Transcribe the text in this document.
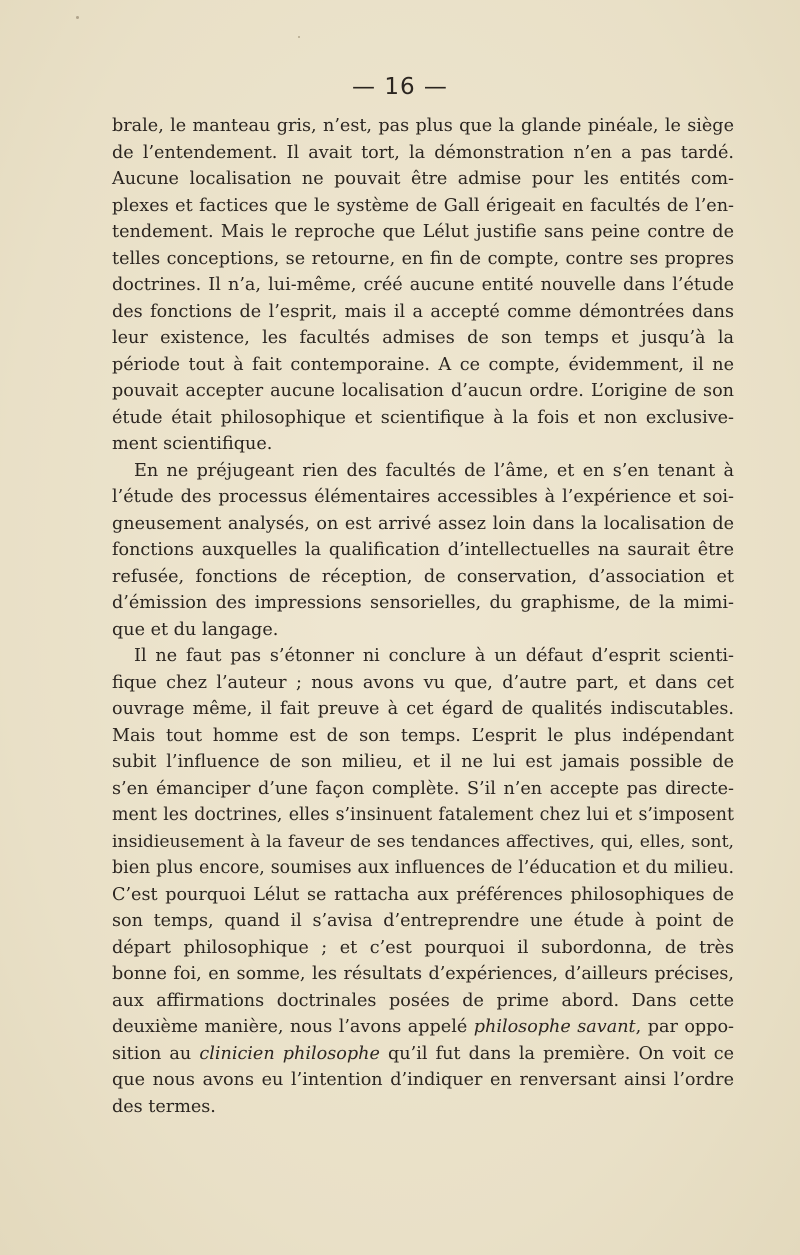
— 16 —
brale, le manteau gris, n’est, pas plus que la glande pinéale, le siège
de l’entendement. Il avait tort, la démonstration n’en a pas tardé.
Aucune localisation ne pouvait être admise pour les entités com-
plexes et factices que le système de Gall érigeait en facultés de l’en-
tendement. Mais le reproche que Lélut justifie sans peine contre de
telles conceptions, se retourne, en fin de compte, contre ses propres
doctrines. Il n’a, lui-même, créé aucune entité nouvelle dans l’étude
des fonctions de l’esprit, mais il a accepté comme démontrées dans
leur existence, les facultés admises de son temps et jusqu’à la
période tout à fait contemporaine. A ce compte, évidemment, il ne
pouvait accepter aucune localisation d’aucun ordre. L’origine de son
étude était philosophique et scientifique à la fois et non exclusive-
ment scientifique.
En ne préjugeant rien des facultés de l’âme, et en s’en tenant à
l’étude des processus élémentaires accessibles à l’expérience et soi-
gneusement analysés, on est arrivé assez loin dans la localisation de
fonctions auxquelles la qualification d’intellectuelles na saurait être
refusée, fonctions de réception, de conservation, d’association et
d’émission des impressions sensorielles, du graphisme, de la mimi-
que et du langage.
Il ne faut pas s’étonner ni conclure à un défaut d’esprit scienti-
fique chez l’auteur ; nous avons vu que, d’autre part, et dans cet
ouvrage même, il fait preuve à cet égard de qualités indiscutables.
Mais tout homme est de son temps. L’esprit le plus indépendant
subit l’influence de son milieu, et il ne lui est jamais possible de
s’en émanciper d’une façon complète. S’il n’en accepte pas directe-
ment les doctrines, elles s’insinuent fatalement chez lui et s’imposent
insidieusement à la faveur de ses tendances affectives, qui, elles, sont,
bien plus encore, soumises aux influences de l’éducation et du milieu.
C’est pourquoi Lélut se rattacha aux préférences philosophiques de
son temps, quand il s’avisa d’entreprendre une étude à point de
départ philosophique ; et c’est pourquoi il subordonna, de très
bonne foi, en somme, les résultats d’expériences, d’ailleurs précises,
aux affirmations doctrinales posées de prime abord. Dans cette
deuxième manière, nous l’avons appelé philosophe savant, par oppo-
sition au clinicien philosophe qu’il fut dans la première. On voit ce
que nous avons eu l’intention d’indiquer en renversant ainsi l’ordre
des termes.
